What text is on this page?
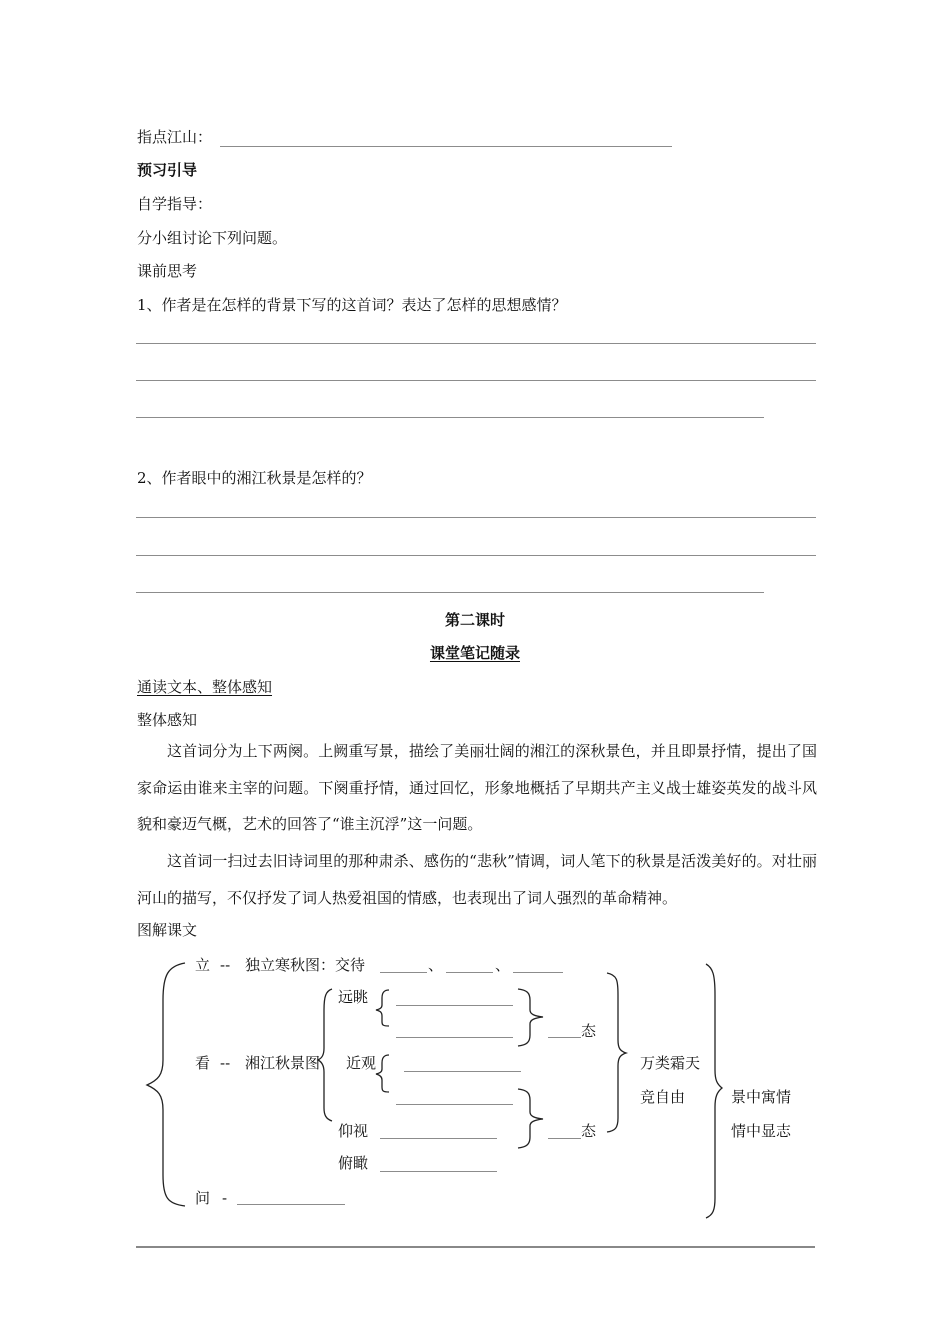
指点江山：
预习引导
自学指导：
分小组讨论下列问题。
课前思考
1、作者是在怎样的背景下写的这首词？表达了怎样的思想感情？
2、作者眼中的湘江秋景是怎样的？
第二课时
课堂笔记随录
通读文本、整体感知
整体感知
这首词分为上下两阕。上阙重写景，描绘了美丽壮阔的湘江的深秋景色，并且即景抒情，提出了国家命运由谁来主宰的问题。下阕重抒情，通过回忆，形象地概括了早期共产主义战士雄姿英发的战斗风貌和豪迈气概，艺术的回答了“谁主沉浮”这一问题。
这首词一扫过去旧诗词里的那种肃杀、感伤的“悲秋”情调，词人笔下的秋景是活泼美好的。对壮丽河山的描写，不仅抒发了词人热爱祖国的情感，也表现出了词人强烈的革命精神。
图解课文
立 -- 独立寒秋图：交待	、	、
远眺
态
看 -- 湘江秋景图 近观	万类霜天
竞自由	景中寓情
情中显志
仰视	态
俯瞰
问 -
